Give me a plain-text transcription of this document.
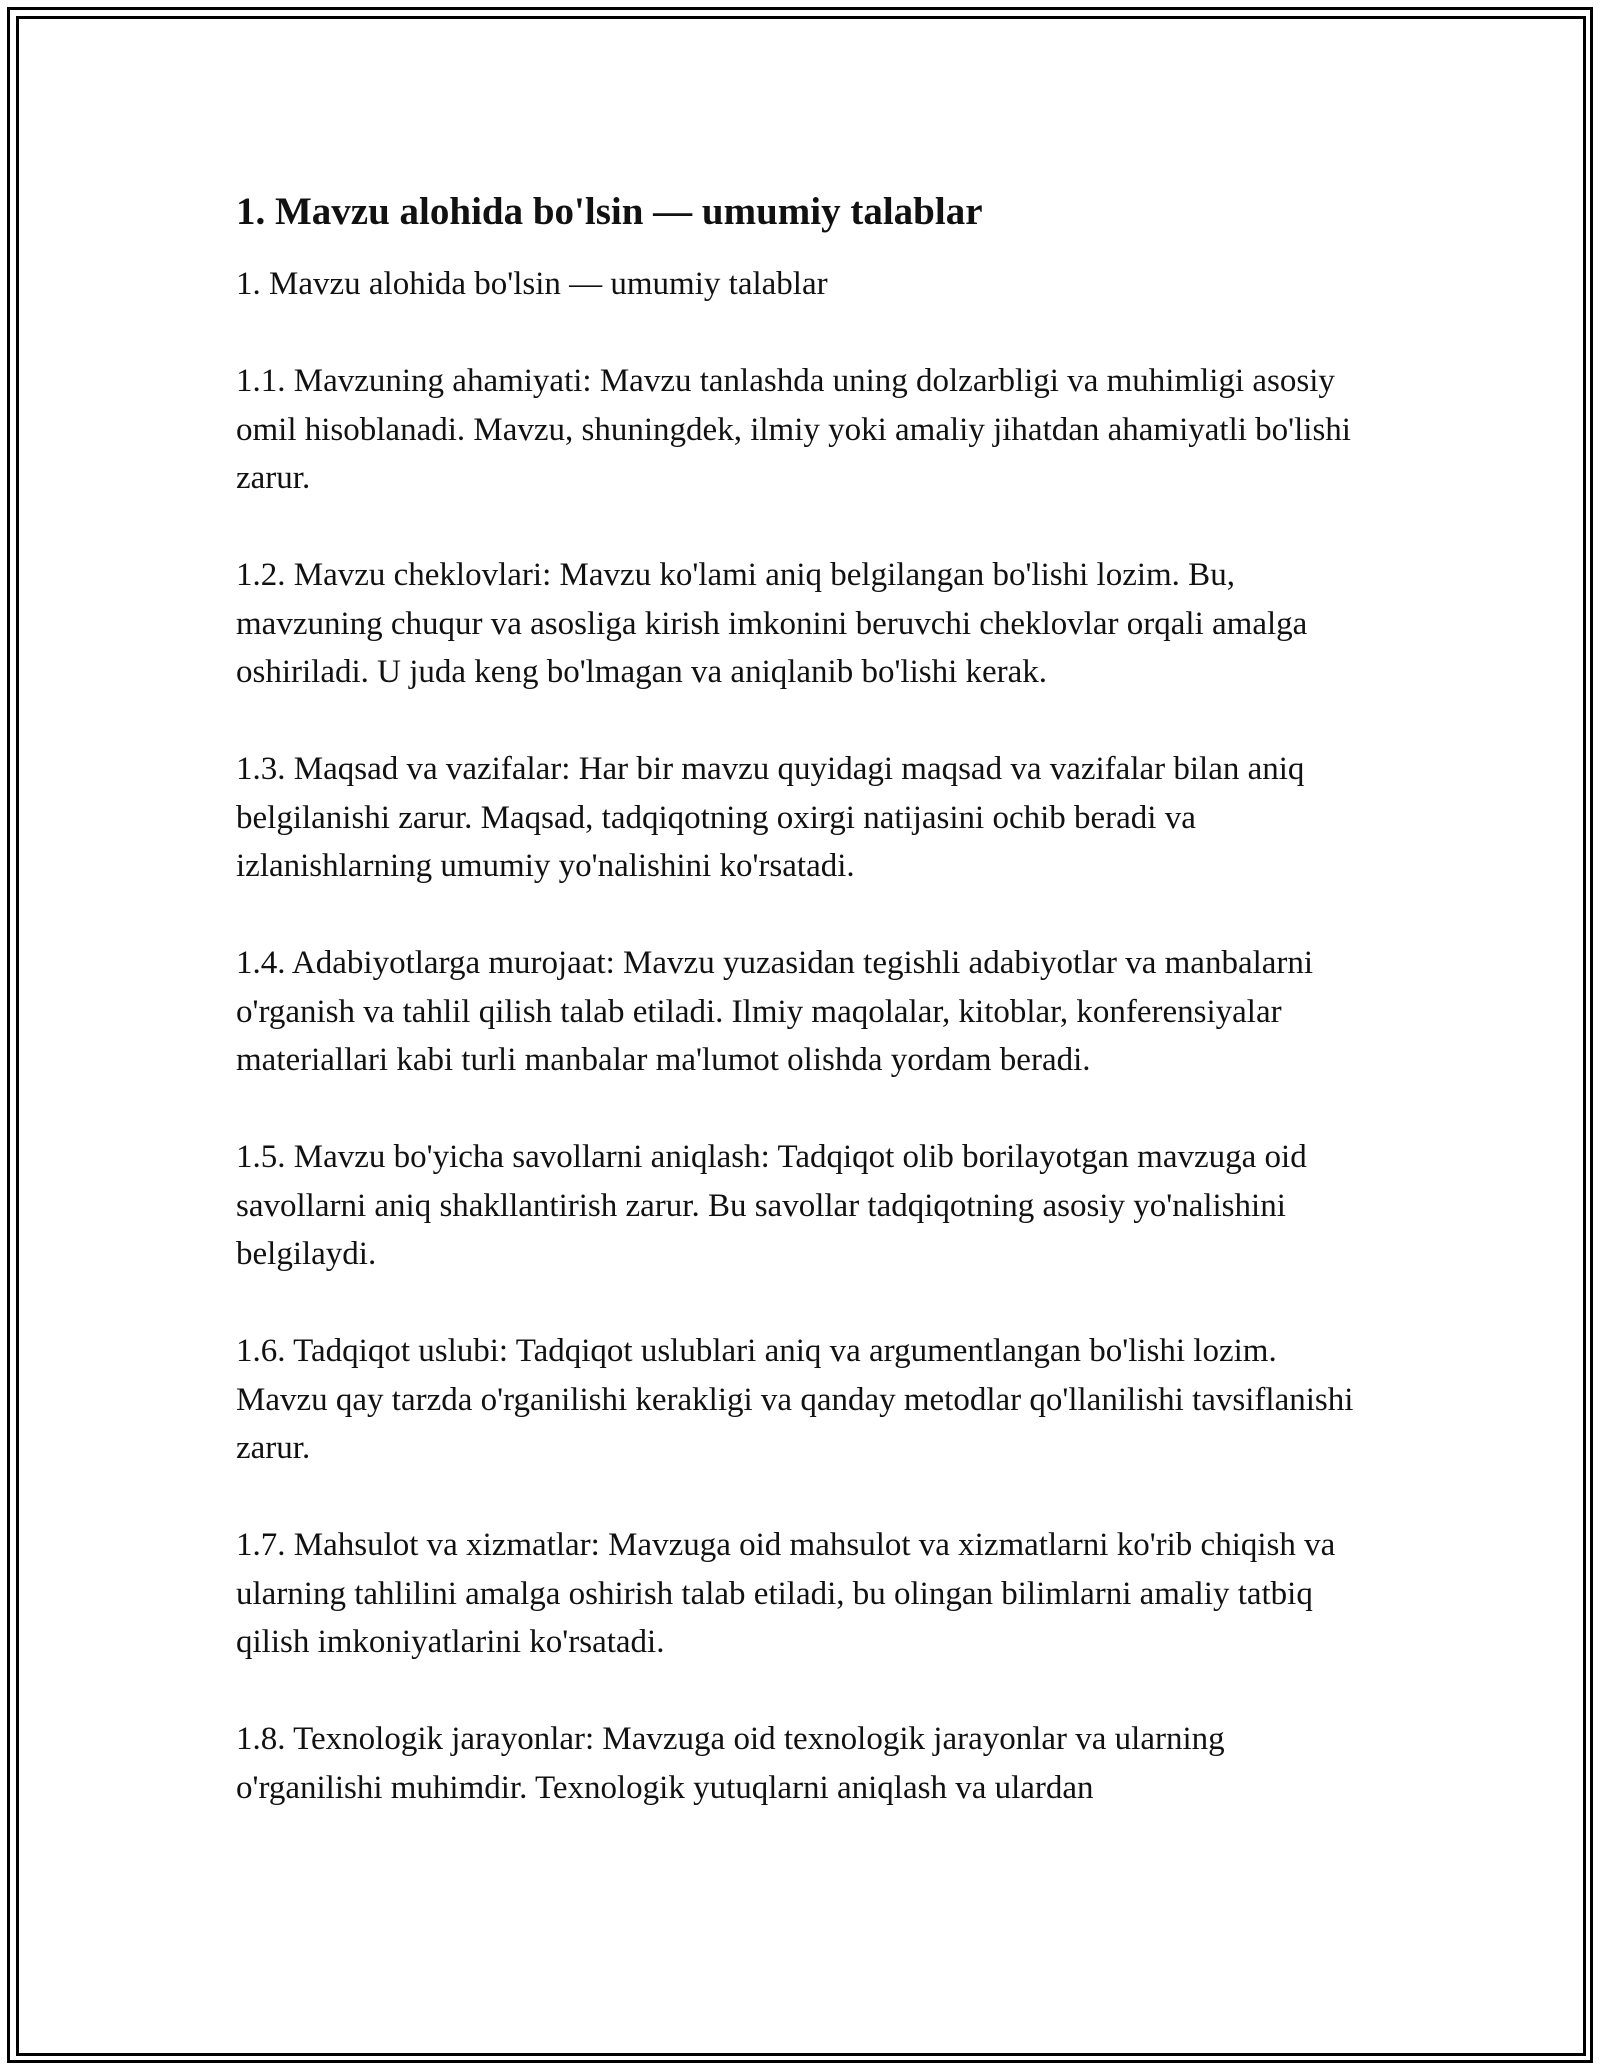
1. Mavzu alohida bo'lsin — umumiy talablar

1. Mavzu alohida bo'lsin — umumiy talablar

1.1. Mavzuning ahamiyati: Mavzu tanlashda uning dolzarbligi va muhimligi asosiy omil hisoblanadi. Mavzu, shuningdek, ilmiy yoki amaliy jihatdan ahamiyatli bo'lishi zarur.

1.2. Mavzu cheklovlari: Mavzu ko'lami aniq belgilangan bo'lishi lozim. Bu, mavzuning chuqur va asosliga kirish imkonini beruvchi cheklovlar orqali amalga oshiriladi. U juda keng bo'lmagan va aniqlanib bo'lishi kerak.

1.3. Maqsad va vazifalar: Har bir mavzu quyidagi maqsad va vazifalar bilan aniq belgilanishi zarur. Maqsad, tadqiqotning oxirgi natijasini ochib beradi va izlanishlarning umumiy yo'nalishini ko'rsatadi.

1.4. Adabiyotlarga murojaat: Mavzu yuzasidan tegishli adabiyotlar va manbalarni o'rganish va tahlil qilish talab etiladi. Ilmiy maqolalar, kitoblar, konferensiyalar materiallari kabi turli manbalar ma'lumot olishda yordam beradi.

1.5. Mavzu bo'yicha savollarni aniqlash: Tadqiqot olib borilayotgan mavzuga oid savollarni aniq shakllantirish zarur. Bu savollar tadqiqotning asosiy yo'nalishini belgilaydi.

1.6. Tadqiqot uslubi: Tadqiqot uslublari aniq va argumentlangan bo'lishi lozim. Mavzu qay tarzda o'rganilishi kerakligi va qanday metodlar qo'llanilishi tavsiflanishi zarur.

1.7. Mahsulot va xizmatlar: Mavzuga oid mahsulot va xizmatlarni ko'rib chiqish va ularning tahlilini amalga oshirish talab etiladi, bu olingan bilimlarni amaliy tatbiq qilish imkoniyatlarini ko'rsatadi.

1.8. Texnologik jarayonlar: Mavzuga oid texnologik jarayonlar va ularning o'rganilishi muhimdir. Texnologik yutuqlarni aniqlash va ulardan
